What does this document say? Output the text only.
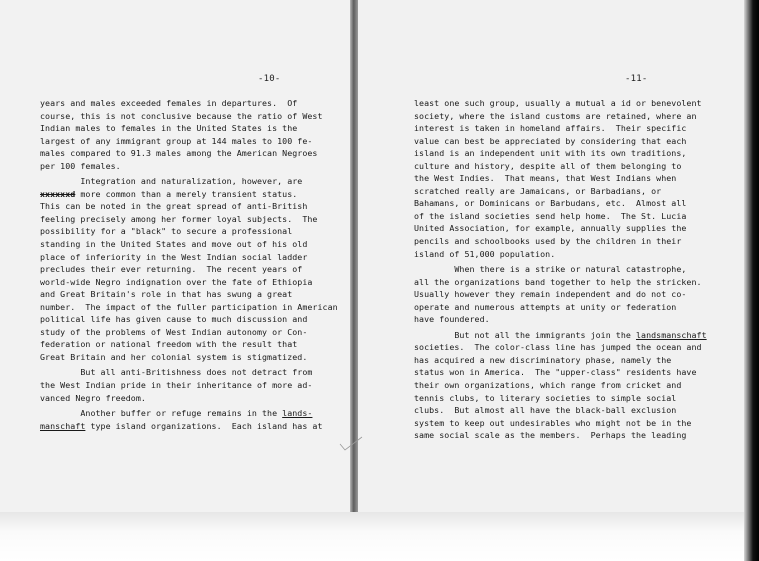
-10-
years and males exceeded females in departures.  Of
course, this is not conclusive because the ratio of West
Indian males to females in the United States is the
largest of any immigrant group at 144 males to 100 fe-
males compared to 91.3 males among the American Negroes
per 100 females.
Integration and naturalization, however, are
xxxxxxd more common than a merely transient status.
This can be noted in the great spread of anti-British
feeling precisely among her former loyal subjects.  The
possibility for a "black" to secure a professional
standing in the United States and move out of his old
place of inferiority in the West Indian social ladder
precludes their ever returning.  The recent years of
world-wide Negro indignation over the fate of Ethiopia
and Great Britain's role in that has swung a great
number.  The impact of the fuller participation in American
political life has given cause to much discussion and
study of the problems of West Indian autonomy or Con-
federation or national freedom with the result that
Great Britain and her colonial system is stigmatized.
But all anti-Britishness does not detract from
the West Indian pride in their inheritance of more ad-
vanced Negro freedom.
Another buffer or refuge remains in the lands-
manschaft type island organizations.  Each island has at
-11-
least one such group, usually a mutual a id or benevolent
society, where the island customs are retained, where an
interest is taken in homeland affairs.  Their specific
value can best be appreciated by considering that each
island is an independent unit with its own traditions,
culture and history, despite all of them belonging to
the West Indies.  That means, that West Indians when
scratched really are Jamaicans, or Barbadians, or
Bahamans, or Dominicans or Barbudans, etc.  Almost all
of the island societies send help home.  The St. Lucia
United Association, for example, annually supplies the
pencils and schoolbooks used by the children in their
island of 51,000 population.
When there is a strike or natural catastrophe,
all the organizations band together to help the stricken.
Usually however they remain independent and do not co-
operate and numerous attempts at unity or federation
have foundered.
But not all the immigrants join the landsmanschaft
societies.  The color-class line has jumped the ocean and
has acquired a new discriminatory phase, namely the
status won in America.  The "upper-class" residents have
their own organizations, which range from cricket and
tennis clubs, to literary societies to simple social
clubs.  But almost all have the black-ball exclusion
system to keep out undesirables who might not be in the
same social scale as the members.  Perhaps the leading
